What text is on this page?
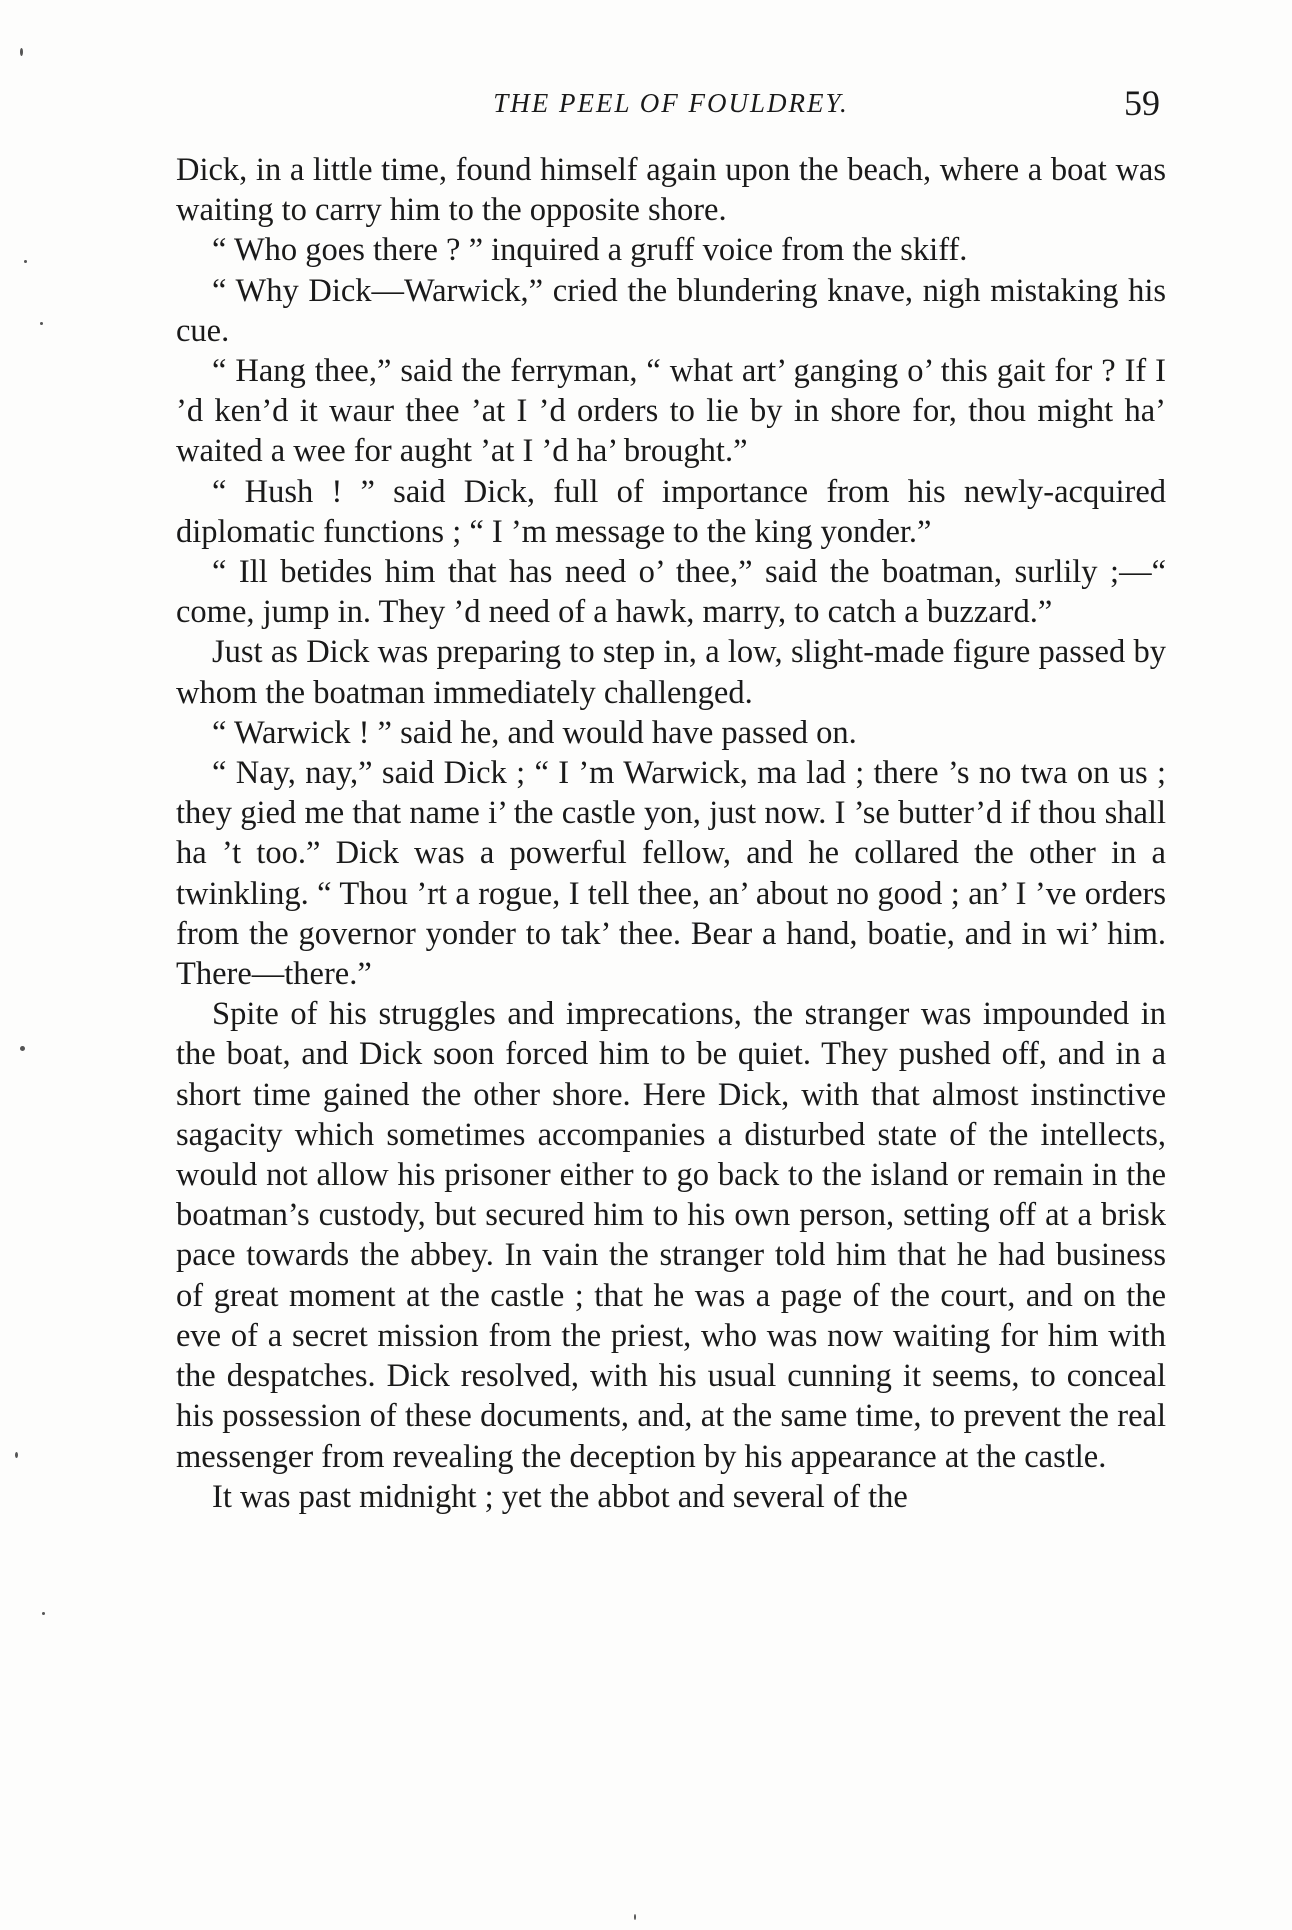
THE PEEL OF FOULDREY.	59

Dick, in a little time, found himself again upon the beach, where a boat was waiting to carry him to the opposite shore.

“ Who goes there ? ” inquired a gruff voice from the skiff.

“ Why Dick—Warwick,” cried the blundering knave, nigh mistaking his cue.

“ Hang thee,” said the ferryman, “ what art’ ganging o’ this gait for ? If I ’d ken’d it waur thee ’at I ’d orders to lie by in shore for, thou might ha’ waited a wee for aught ’at I ’d ha’ brought.”

“ Hush ! ” said Dick, full of importance from his newly-acquired diplomatic functions ; “ I ’m message to the king yonder.”

“ Ill betides him that has need o’ thee,” said the boatman, surlily ;—“ come, jump in. They ’d need of a hawk, marry, to catch a buzzard.”

Just as Dick was preparing to step in, a low, slight-made figure passed by whom the boatman immediately challenged.

“ Warwick ! ” said he, and would have passed on.

“ Nay, nay,” said Dick ; “ I ’m Warwick, ma lad ; there ’s no twa on us ; they gied me that name i’ the castle yon, just now. I ’se butter’d if thou shall ha ’t too.” Dick was a powerful fellow, and he collared the other in a twinkling. “ Thou ’rt a rogue, I tell thee, an’ about no good ; an’ I ’ve orders from the governor yonder to tak’ thee. Bear a hand, boatie, and in wi’ him. There—there.”

Spite of his struggles and imprecations, the stranger was impounded in the boat, and Dick soon forced him to be quiet. They pushed off, and in a short time gained the other shore. Here Dick, with that almost instinctive sagacity which sometimes accompanies a disturbed state of the intellects, would not allow his prisoner either to go back to the island or remain in the boatman’s custody, but secured him to his own person, setting off at a brisk pace towards the abbey. In vain the stranger told him that he had business of great moment at the castle ; that he was a page of the court, and on the eve of a secret mission from the priest, who was now waiting for him with the despatches. Dick resolved, with his usual cunning it seems, to conceal his possession of these documents, and, at the same time, to prevent the real messenger from revealing the deception by his appearance at the castle.

It was past midnight ; yet the abbot and several of the
